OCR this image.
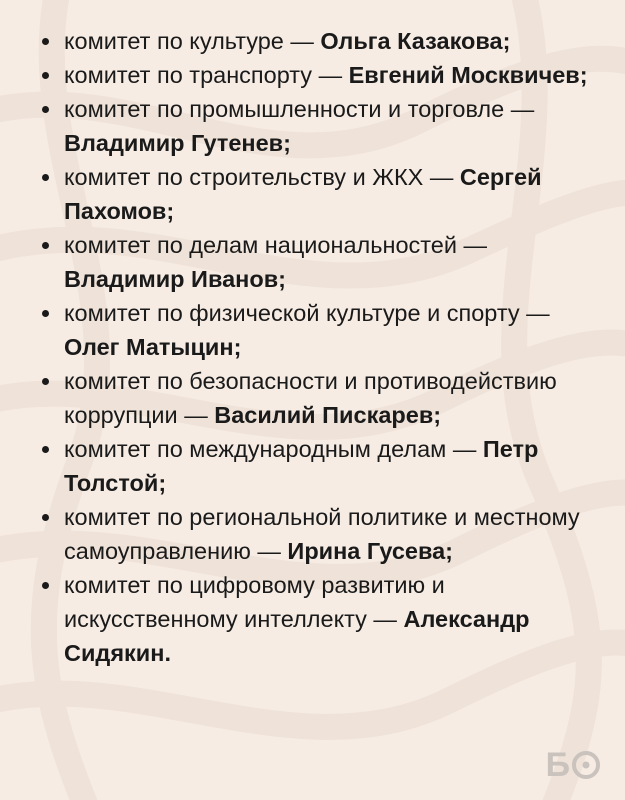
комитет по культуре — Ольга Казакова;
комитет по транспорту — Евгений Москвичев;
комитет по промышленности и торговле — Владимир Гутенев;
комитет по строительству и ЖКХ — Сергей Пахомов;
комитет по делам национальностей — Владимир Иванов;
комитет по физической культуре и спорту — Олег Матыцин;
комитет по безопасности и противодействию коррупции — Василий Пискарев;
комитет по международным делам — Петр Толстой;
комитет по региональной политике и местному самоуправлению — Ирина Гусева;
комитет по цифровому развитию и искусственному интеллекту — Александр Сидякин.
Б
